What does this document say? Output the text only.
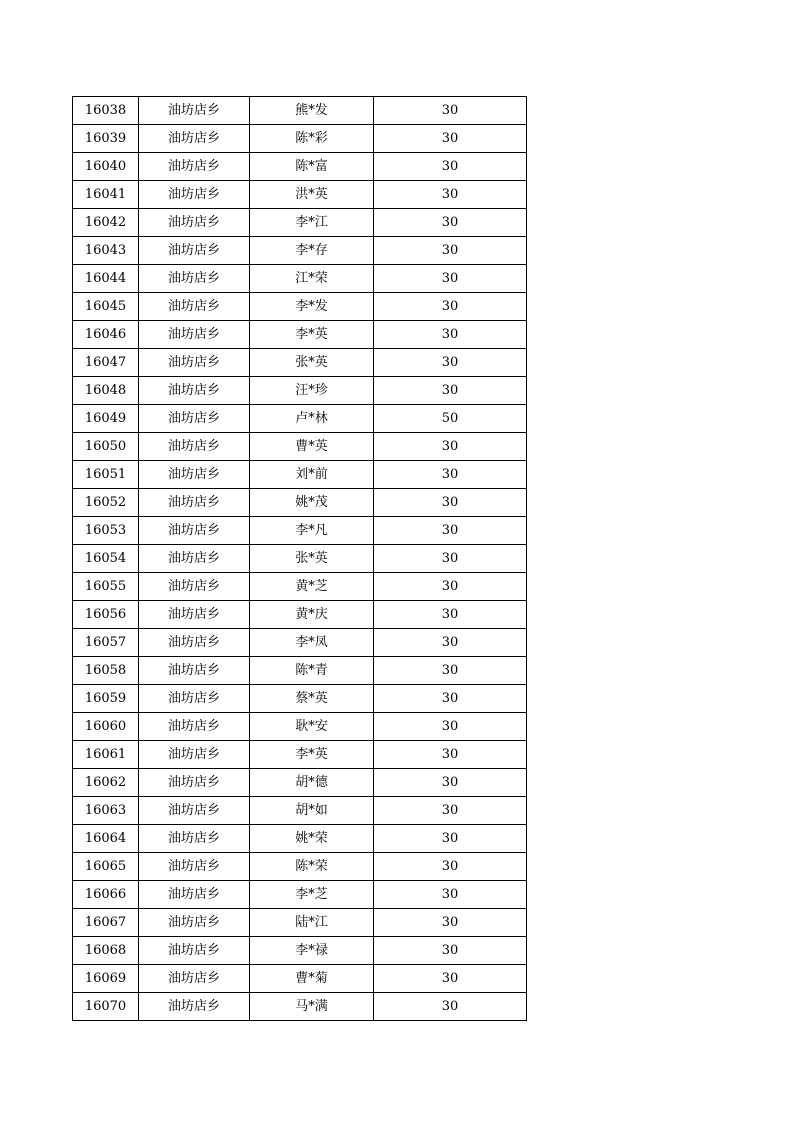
16038	油坊店乡	熊*发	30
16039	油坊店乡	陈*彩	30
16040	油坊店乡	陈*富	30
16041	油坊店乡	洪*英	30
16042	油坊店乡	李*江	30
16043	油坊店乡	李*存	30
16044	油坊店乡	江*荣	30
16045	油坊店乡	李*发	30
16046	油坊店乡	李*英	30
16047	油坊店乡	张*英	30
16048	油坊店乡	汪*珍	30
16049	油坊店乡	卢*林	50
16050	油坊店乡	曹*英	30
16051	油坊店乡	刘*前	30
16052	油坊店乡	姚*茂	30
16053	油坊店乡	李*凡	30
16054	油坊店乡	张*英	30
16055	油坊店乡	黄*芝	30
16056	油坊店乡	黄*庆	30
16057	油坊店乡	李*凤	30
16058	油坊店乡	陈*青	30
16059	油坊店乡	蔡*英	30
16060	油坊店乡	耿*安	30
16061	油坊店乡	李*英	30
16062	油坊店乡	胡*德	30
16063	油坊店乡	胡*如	30
16064	油坊店乡	姚*荣	30
16065	油坊店乡	陈*荣	30
16066	油坊店乡	李*芝	30
16067	油坊店乡	陆*江	30
16068	油坊店乡	李*禄	30
16069	油坊店乡	曹*菊	30
16070	油坊店乡	马*满	30
